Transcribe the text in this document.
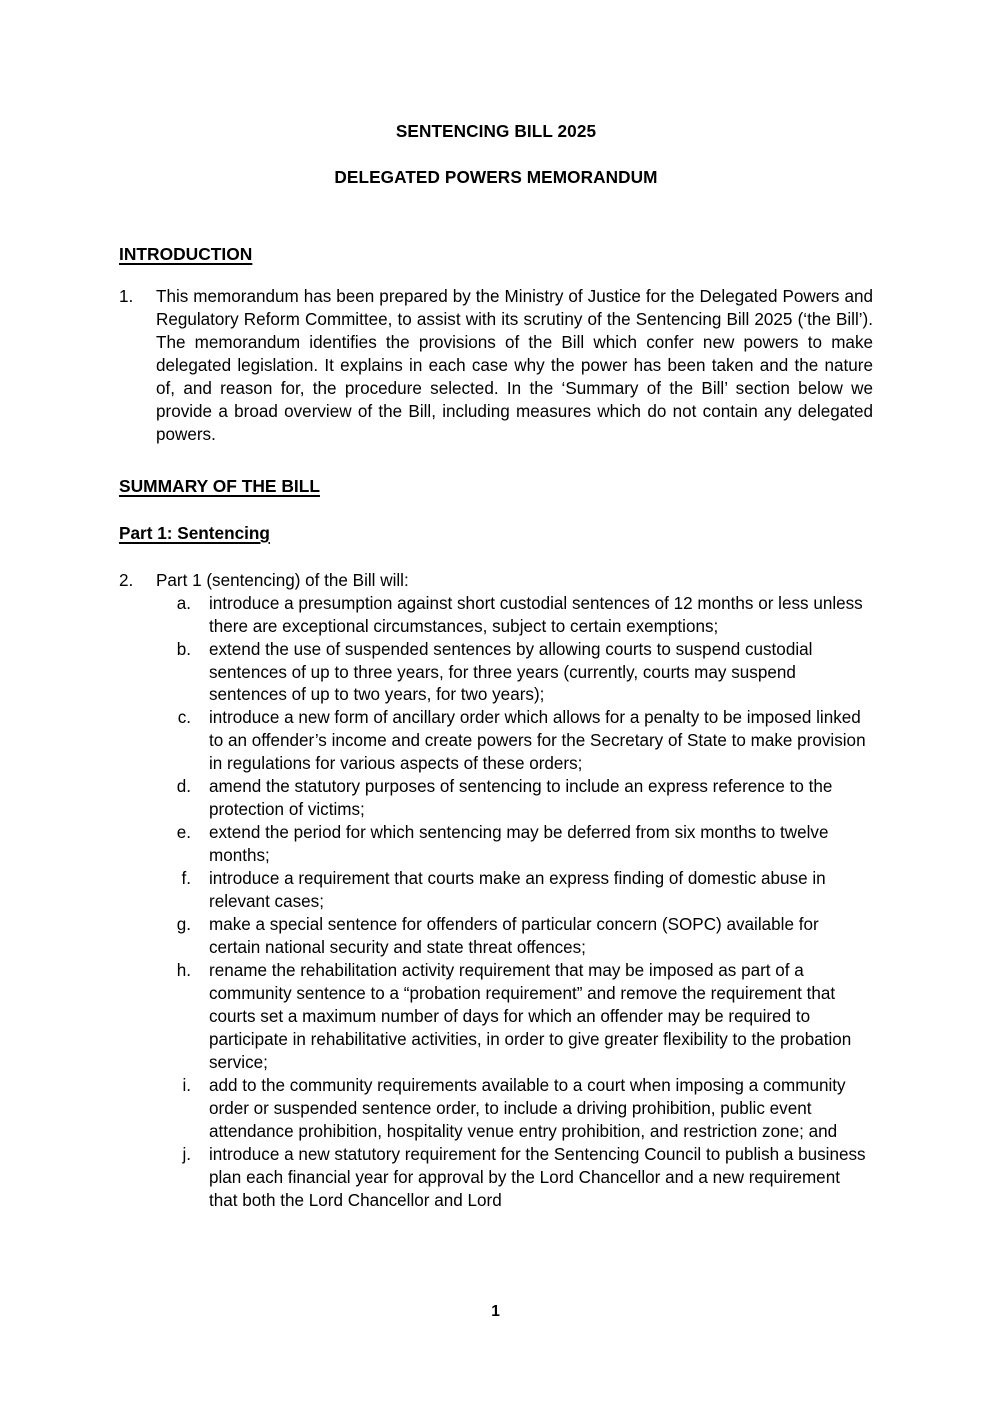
SENTENCING BILL 2025
DELEGATED POWERS MEMORANDUM
INTRODUCTION
1.	This memorandum has been prepared by the Ministry of Justice for the Delegated Powers and Regulatory Reform Committee, to assist with its scrutiny of the Sentencing Bill 2025 (‘the Bill’). The memorandum identifies the provisions of the Bill which confer new powers to make delegated legislation. It explains in each case why the power has been taken and the nature of, and reason for, the procedure selected. In the ‘Summary of the Bill’ section below we provide a broad overview of the Bill, including measures which do not contain any delegated powers.
SUMMARY OF THE BILL
Part 1: Sentencing
2.	Part 1 (sentencing) of the Bill will:
a.	introduce a presumption against short custodial sentences of 12 months or less unless there are exceptional circumstances, subject to certain exemptions;
b.	extend the use of suspended sentences by allowing courts to suspend custodial sentences of up to three years, for three years (currently, courts may suspend sentences of up to two years, for two years);
c.	introduce a new form of ancillary order which allows for a penalty to be imposed linked to an offender’s income and create powers for the Secretary of State to make provision in regulations for various aspects of these orders;
d.	amend the statutory purposes of sentencing to include an express reference to the protection of victims;
e.	extend the period for which sentencing may be deferred from six months to twelve months;
f.	introduce a requirement that courts make an express finding of domestic abuse in relevant cases;
g.	make a special sentence for offenders of particular concern (SOPC) available for certain national security and state threat offences;
h.	rename the rehabilitation activity requirement that may be imposed as part of a community sentence to a “probation requirement” and remove the requirement that courts set a maximum number of days for which an offender may be required to participate in rehabilitative activities, in order to give greater flexibility to the probation service;
i.	add to the community requirements available to a court when imposing a community order or suspended sentence order, to include a driving prohibition, public event attendance prohibition, hospitality venue entry prohibition, and restriction zone; and
j.	introduce a new statutory requirement for the Sentencing Council to publish a business plan each financial year for approval by the Lord Chancellor and a new requirement that both the Lord Chancellor and Lord
1
